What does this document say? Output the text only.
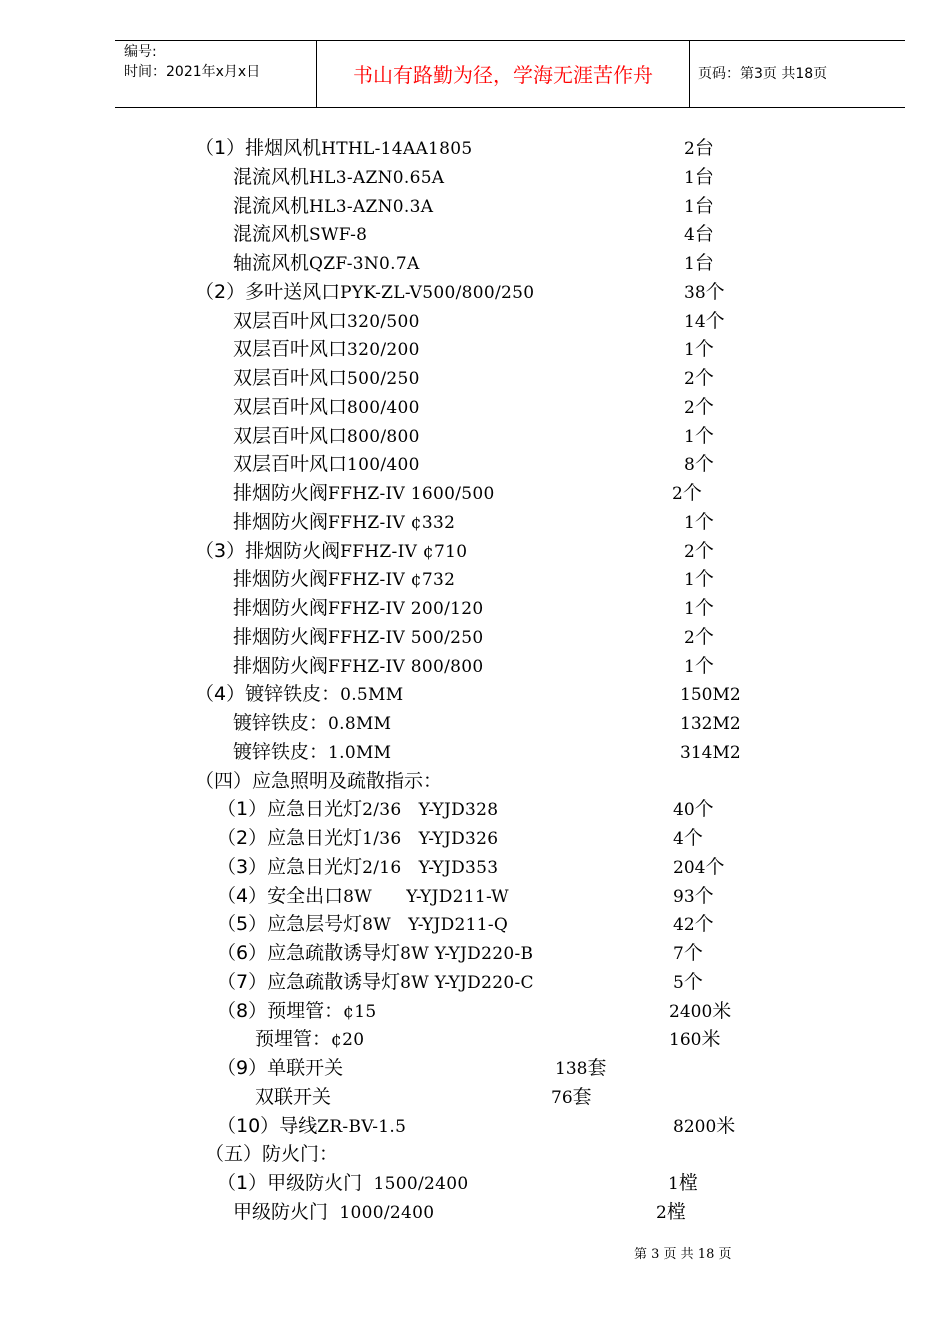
编号:
时间：2021年x月x日	书山有路勤为径，学海无涯苦作舟	页码：第3页 共18页
（1）排烟风机HTHL-14AA1805	2台
混流风机HL3-AZN0.65A	1台
混流风机HL3-AZN0.3A	1台
混流风机SWF-8	4台
轴流风机QZF-3N0.7A	1台
（2）多叶送风口PYK-ZL-V500/800/250	38个
双层百叶风口320/500	14个
双层百叶风口320/200	1个
双层百叶风口500/250	2个
双层百叶风口800/400	2个
双层百叶风口800/800	1个
双层百叶风口100/400	8个
排烟防火阀FFHZ-IV 1600/500	2个
排烟防火阀FFHZ-IV ¢332	1个
（3）排烟防火阀FFHZ-IV ¢710	2个
排烟防火阀FFHZ-IV ¢732	1个
排烟防火阀FFHZ-IV 200/120	1个
排烟防火阀FFHZ-IV 500/250	2个
排烟防火阀FFHZ-IV 800/800	1个
（4）镀锌铁皮：0.5MM	150M2
镀锌铁皮：0.8MM	132M2
镀锌铁皮：1.0MM	314M2
（四）应急照明及疏散指示：
（1）应急日光灯2/36   Y-YJD328	40个
（2）应急日光灯1/36   Y-YJD326	4个
（3）应急日光灯2/16   Y-YJD353	204个
（4）安全出口8W      Y-YJD211-W	93个
（5）应急层号灯8W   Y-YJD211-Q	42个
（6）应急疏散诱导灯8W Y-YJD220-B	7个
（7）应急疏散诱导灯8W Y-YJD220-C	5个
（8）预埋管：¢15	2400米
预埋管：¢20	160米
（9）单联开关	138套
双联开关	76套
（10）导线ZR-BV-1.5	8200米
（五）防火门：
（1）甲级防火门  1500/2400	1樘
甲级防火门  1000/2400	2樘
第 3 页 共 18 页
